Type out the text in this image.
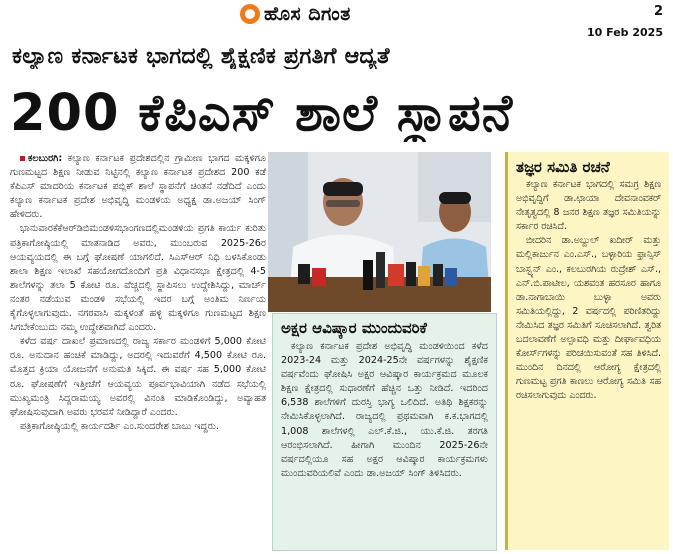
ಹೊಸ ದಿಗಂತ	2
10 Feb 2025
ಕಲ್ಯಾಣ ಕರ್ನಾಟಕ ಭಾಗದಲ್ಲಿ ಶೈಕ್ಷಣಿಕ ಪ್ರಗತಿಗೆ ಆದ್ಯತೆ
200 ಕೆಪಿಎಸ್ ಶಾಲೆ ಸ್ಥಾಪನೆ

ಕಲಬುರಗಿ: ಕಲ್ಯಾಣ ಕರ್ನಾಟಕ ಪ್ರದೇಶದಲ್ಲಿನ ಗ್ರಾಮೀಣ ಭಾಗದ ಮಕ್ಕಳಿಗೂ ಗುಣಮಟ್ಟದ ಶಿಕ್ಷಣ ನೀಡುವ ನಿಟ್ಟಿನಲ್ಲಿ ಕಲ್ಯಾಣ ಕರ್ನಾಟಕ ಪ್ರದೇಶದ 200 ಕಡೆ ಕೆಪಿಎಸ್ ಮಾದರಿಯ ಕರ್ನಾಟಕ ಪಬ್ಲಿಕ್ ಶಾಲೆ ಸ್ಥಾಪನೆಗೆ ಚಿಂತನೆ ನಡೆದಿದೆ ಎಂದು ಕಲ್ಯಾಣ ಕರ್ನಾಟಕ ಪ್ರದೇಶ ಅಭಿವೃದ್ಧಿ ಮಂಡಳಿಯ ಅಧ್ಯಕ್ಷ ಡಾ.ಅಜಯ್ ಸಿಂಗ್ ಹೇಳಿದರು.

ಭಾನುವಾರಕೆಕೆಆರ್‌ಡಿಬಿಮಂಡಳಿಸಭಾಂಗಣದಲ್ಲಿಮಂಡಳಿಯ ಪ್ರಗತಿ ಕಾರ್ಯ ಕುರಿತು ಪತ್ರಿಕಾಗೋಷ್ಠಿಯಲ್ಲಿ ಮಾತನಾಡಿದ ಅವರು, ಮುಂಬರುವ 2025-26ರ ಆಯವ್ಯಯದಲ್ಲಿ ಈ ಬಗ್ಗೆ ಘೋಷಣೆ ಯಾಗಲಿದೆ. ಸಿಎಸ್‌ಆರ್ ನಿಧಿ ಬಳಸಿಕೊಂಡು ಶಾಲಾ ಶಿಕ್ಷಣ ಇಲಾಖೆ ಸಹಯೋಗದೊಂದಿಗೆ ಪ್ರತಿ ವಿಧಾನಸಭಾ ಕ್ಷೇತ್ರದಲ್ಲಿ 4-5 ಶಾಲೆಗಳನ್ನು ತಲಾ 5 ಕೋಟಿ ರೂ. ವೆಚ್ಚದಲ್ಲಿ ಸ್ಥಾಪಿಸಲು ಉದ್ದೇಶಿಸಿದ್ದು, ಮಾರ್ಚ್ ನಂತರ ನಡೆಯುವ ಮಂಡಳಿ ಸಭೆಯಲ್ಲಿ ಇದರ ಬಗ್ಗೆ ಅಂತಿಮ ನಿರ್ಣಯ ಕೈಗೊಳ್ಳಲಾಗುವುದು. ನಗರವಾಸಿ ಮಕ್ಕಳಂತೆ ಹಳ್ಳಿ ಮಕ್ಕಳಿಗೂ ಗುಣಮಟ್ಟದ ಶಿಕ್ಷಣ ಸಿಗಬೇಕೆಂಬುದು ನಮ್ಮ ಉದ್ದೇಶವಾಗಿದೆ ಎಂದರು.

ಕಳೆದ ವರ್ಷ ದಾಖಲೆ ಪ್ರಮಾಣದಲ್ಲಿ ರಾಜ್ಯ ಸರ್ಕಾರ ಮಂಡಳಿಗೆ 5,000 ಕೋಟಿ ರೂ. ಅನುದಾನ ಹಂಚಿಕೆ ಮಾಡಿದ್ದು, ಅದರಲ್ಲಿ ಇದುವರೆಗೆ 4,500 ಕೋಟಿ ರೂ. ಮೊತ್ತದ ಕ್ರಿಯಾ ಯೋಜನೆಗೆ ಅನುಮತಿ ಸಿಕ್ಕಿದೆ. ಈ ವರ್ಷ ಸಹ 5,000 ಕೋಟಿ ರೂ. ಘೋಷಣೆಗೆ ಇತ್ತೀಚೆಗೆ ಆಯವ್ಯಯ ಪೂರ್ವಭಾವಿಯಾಗಿ ನಡೆದ ಸಭೆಯಲ್ಲಿ ಮುಖ್ಯಮಂತ್ರಿ ಸಿದ್ದರಾಮಯ್ಯ ಅವರಲ್ಲಿ ವಿನಂತಿ ಮಾಡಿಕೊಂಡಿದ್ದು, ಅವ್ಯಾಹತ ಘೋಷಿಸುವುದಾಗಿ ಅವರು ಭರವಸೆ ನೀಡಿದ್ದಾರೆ ಎಂದರು.

ಪತ್ರಿಕಾಗೋಷ್ಠಿಯಲ್ಲಿ ಕಾರ್ಯದರ್ಶಿ ಎಂ.ಸುಂದರೇಶ ಬಾಬು ಇದ್ದರು.

ಅಕ್ಷರ ಆವಿಷ್ಕಾರ ಮುಂದುವರಿಕೆ

ಕಲ್ಯಾಣ ಕರ್ನಾಟಕ ಪ್ರದೇಶ ಅಭಿವೃದ್ಧಿ ಮಂಡಳಿಯಿಂದ ಕಳೆದ 2023-24 ಮತ್ತು 2024-25ನೇ ವರ್ಷಗಳನ್ನು ಶೈಕ್ಷಣಿಕ ವರ್ಷವೆಂದು ಘೋಷಿಸಿ ಅಕ್ಷರ ಆವಿಷ್ಕಾರ ಕಾರ್ಯಕ್ರಮದ ಮೂಲಕ ಶಿಕ್ಷಣ ಕ್ಷೇತ್ರದಲ್ಲಿ ಸುಧಾರಣೆಗೆ ಹೆಚ್ಚಿನ ಒತ್ತು ನೀಡಿದೆ. ಇದರಿಂದ 6,538 ಶಾಲೆಗಳಿಗೆ ದುರಸ್ತಿ ಭಾಗ್ಯ ಒಲಿದಿದೆ. ಅತಿಥಿ ಶಿಕ್ಷಕರನ್ನು ನೇಮಿಸಿಕೊಳ್ಳಲಾಗಿದೆ. ರಾಜ್ಯದಲ್ಲಿ ಪ್ರಥಮವಾಗಿ ಕ.ಕ.ಭಾಗದಲ್ಲಿ 1,008 ಶಾಲೆಗಳಲ್ಲಿ ಎಲ್.ಕೆ.ಜಿ., ಯು.ಕೆ.ಜಿ. ತರಗತಿ ಆರಂಭಿಸಲಾಗಿದೆ. ಹೀಗಾಗಿ ಮುಂದಿನ 2025-26ನೇ ವರ್ಷದಲ್ಲಿಯೂ ಸಹ ಅಕ್ಷರ ಆವಿಷ್ಕಾರ ಕಾರ್ಯಕ್ರಮಗಳು ಮುಂದುವರಿಯಲಿವೆ ಎಂದು ಡಾ.ಅಜಯ್ ಸಿಂಗ್ ತಿಳಿಸಿದರು.

ತಜ್ಞರ ಸಮಿತಿ ರಚನೆ

ಕಲ್ಯಾಣ ಕರ್ನಾಟಕ ಭಾಗದಲ್ಲಿ ಸಮಗ್ರ ಶಿಕ್ಷಣ ಅಭಿವೃದ್ಧಿಗೆ ಡಾ.ಛಾಯಾ ದೇವನಾಂವಕರ್ ನೇತೃತ್ವದಲ್ಲಿ 8 ಜನರ ಶಿಕ್ಷಣ ತಜ್ಞರ ಸಮಿತಿಯನ್ನು ಸರ್ಕಾರ ರಚಿಸಿದೆ.

ಬೀದರಿನ ಡಾ.ಅಬ್ದುಲ್ ಖದೀರ್ ಮತ್ತು ಮಲ್ಲಿಕಾರ್ಜುನ ಎಂ.ಎಸ್., ಬಳ್ಳಾರಿಯ ಫ್ರಾನ್ಸಿಸ್ ಬಾಸ್ಟ್ಯನ್ ಎಂ., ಕಲಬುರಗಿಯ ರುದ್ರೇಶ್ ಎಸ್., ಎನ್.ಬಿ.ಪಾಟೀಲ, ಯಶವಂತ ಹರಸೂರ ಹಾಗೂ ಡಾ.ನಾಗಾಬಾಯಿ ಬುಳ್ಳಾ ಅವರು ಸಮಿತಿಯಲ್ಲಿದ್ದು, 2 ವರ್ಷದಲ್ಲಿ ಪರಿಣಿತರಿದ್ದು ನೇಮಿಸಿದ ತಜ್ಞರ ಸಮಿತಿಗೆ ಸೂಚಿಸಲಾಗಿದೆ. ತ್ವರಿತ ಬದಲಾವಣೆಗೆ ಅಲ್ಪಾವಧಿ ಮತ್ತು ದೀರ್ಘಾವಧಿಯ ಕೋರ್ಸ್‌ಗಳನ್ನು ಪರಿಚಯಿಸುವಂತೆ ಸಹ ತಿಳಿಸಿದೆ. ಮುಂದಿನ ದಿನದಲ್ಲಿ ಆರೋಗ್ಯ ಕ್ಷೇತ್ರದಲ್ಲಿ ಗುಣಮಟ್ಟ ಪ್ರಗತಿ ಕಾಣಲು ಆರೋಗ್ಯ ಸಮಿತಿ ಸಹ ರಚಿಸಲಾಗುವುದು ಎಂದರು.
